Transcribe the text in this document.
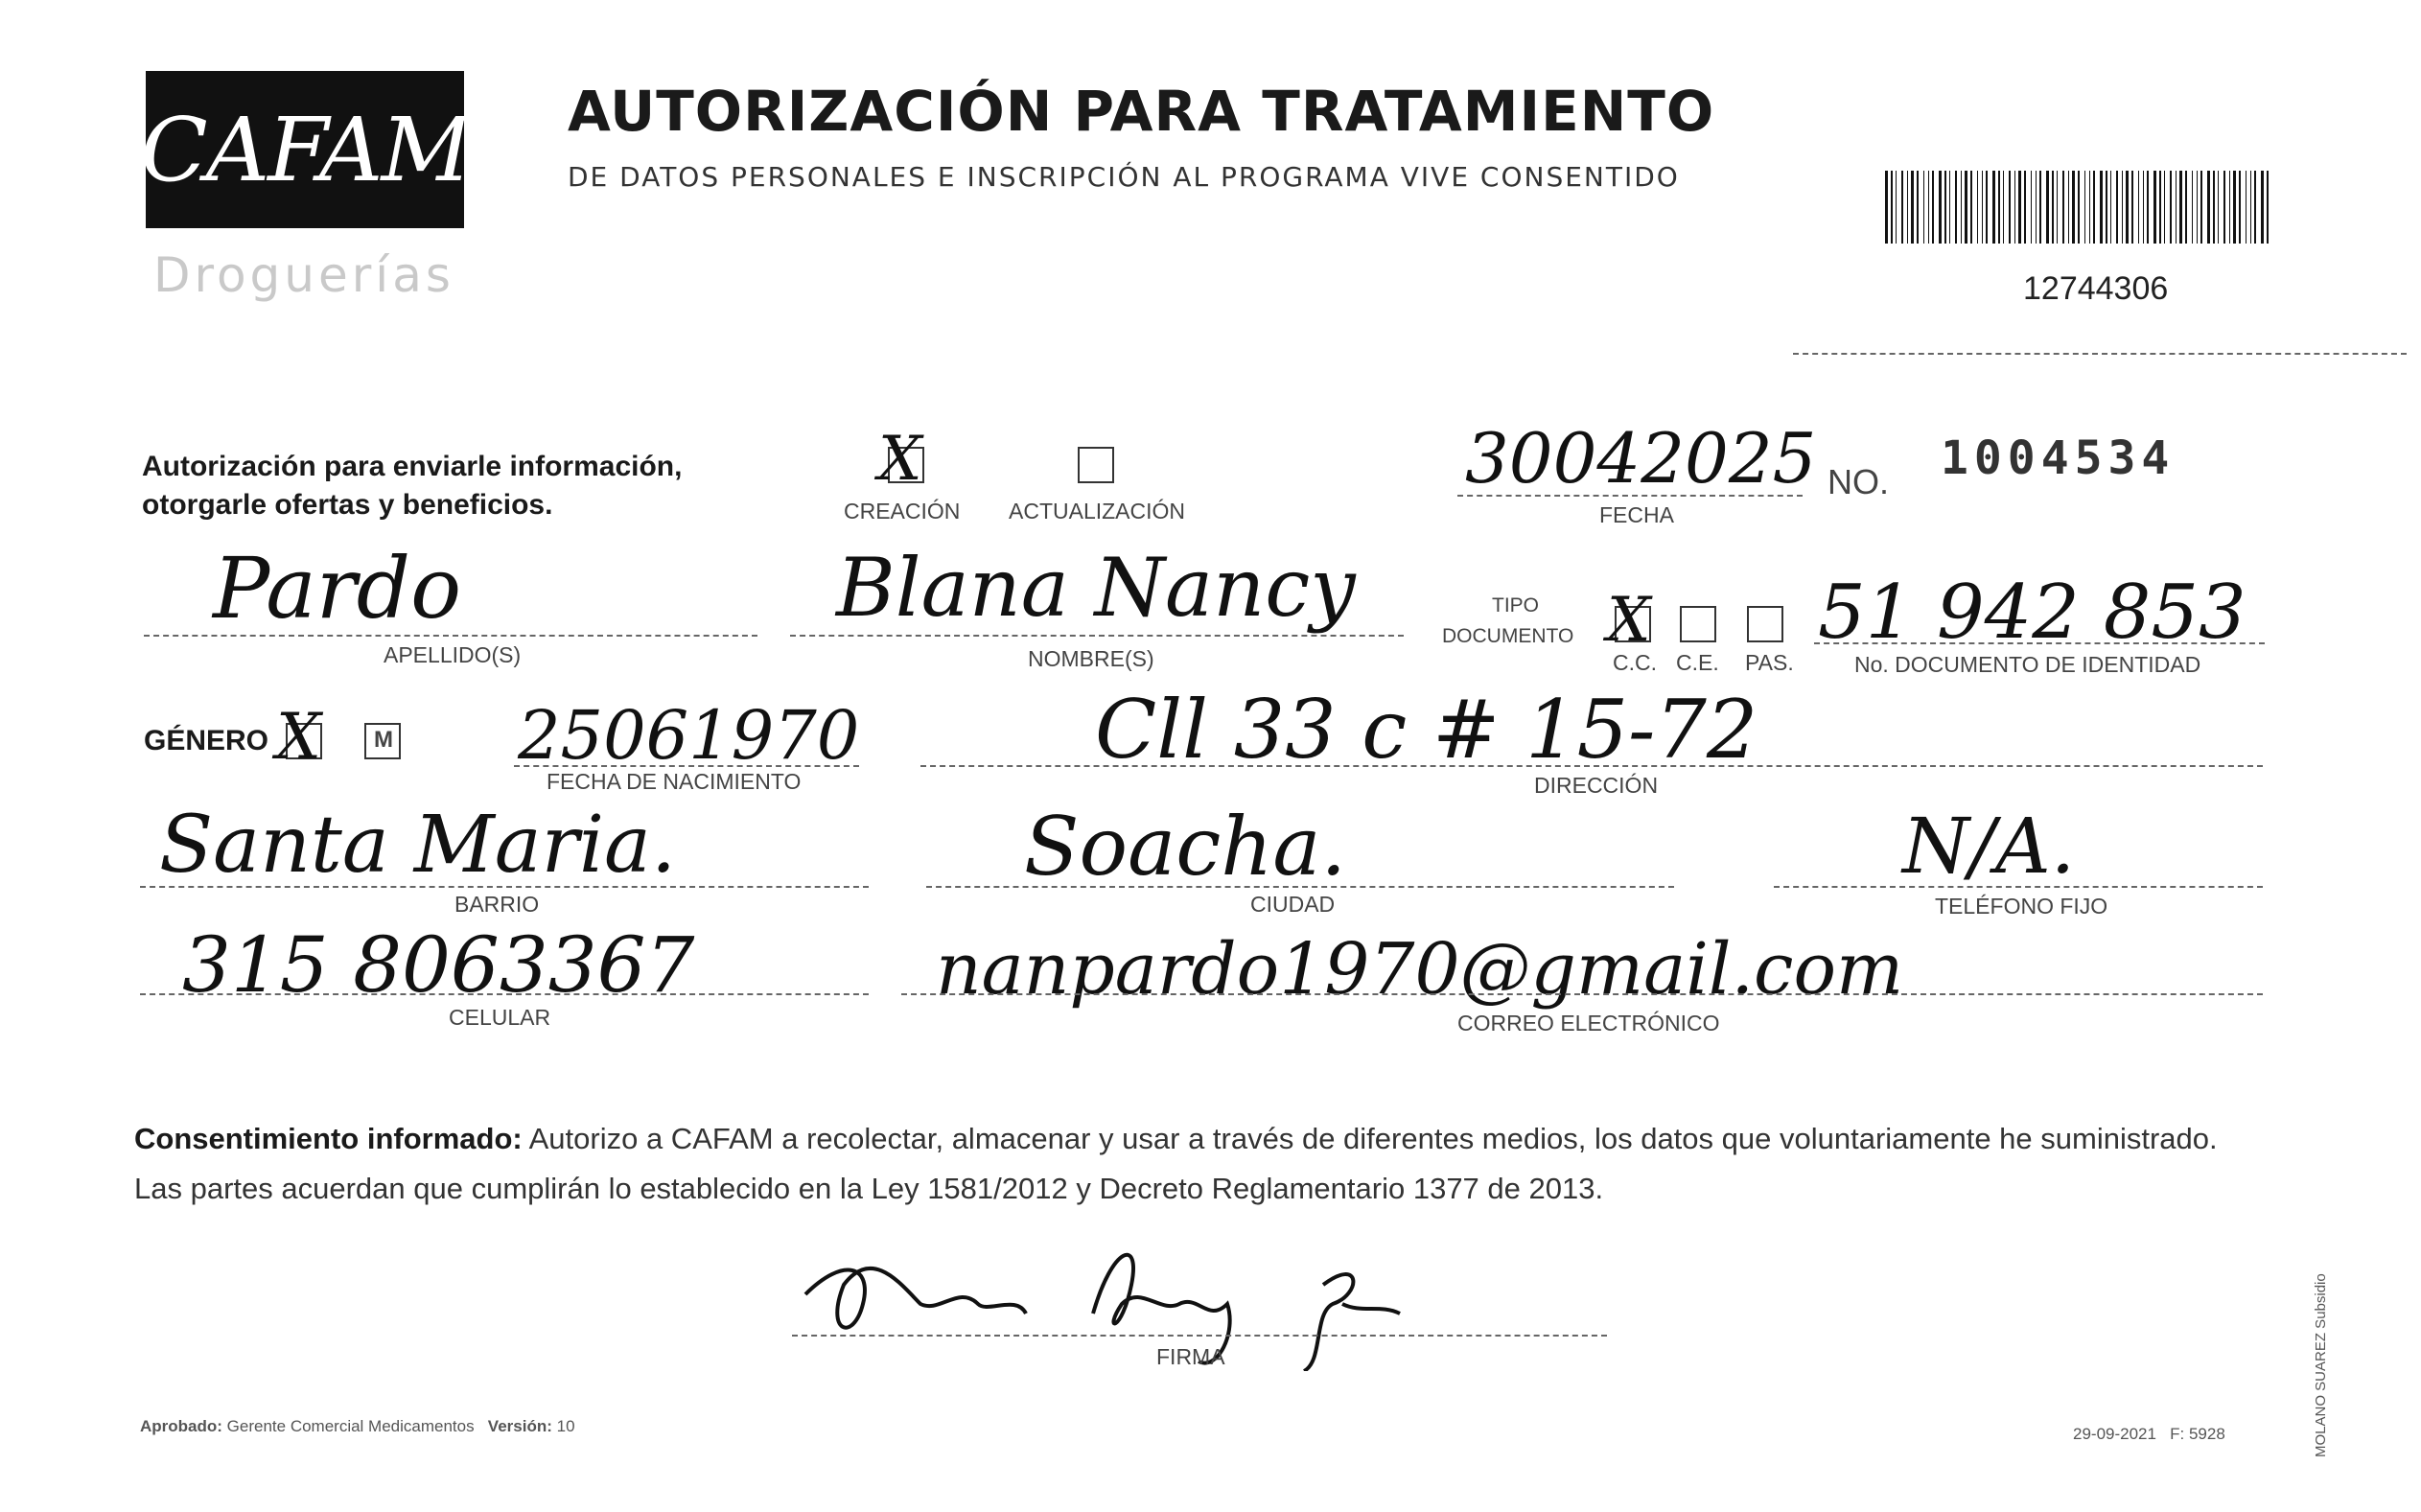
CAFAM
Droguerías
AUTORIZACIÓN PARA TRATAMIENTO
DE DATOS PERSONALES E INSCRIPCIÓN AL PROGRAMA VIVE CONSENTIDO
12744306
Autorización para enviarle información,
otorgarle ofertas y beneficios.
X
CREACIÓN ACTUALIZACIÓN
30042025
FECHA
NO. 1004534
Pardo
APELLIDO(S)
Blana Nancy
NOMBRE(S)
TIPO
DOCUMENTO X
C.C. C.E. PAS.
51 942 853
No. DOCUMENTO DE IDENTIDAD
GÉNERO X M 25061970
FECHA DE NACIMIENTO
Cll 33 c # 15-72
DIRECCIÓN
Santa Maria.
BARRIO
Soacha.
CIUDAD
N/A.
TELÉFONO FIJO
315 8063367
CELULAR
nanpardo1970@gmail.com
CORREO ELECTRÓNICO
Consentimiento informado: Autorizo a CAFAM a recolectar, almacenar y usar a través de diferentes medios, los datos que voluntariamente he suministrado. Las partes acuerdan que cumplirán lo establecido en la Ley 1581/2012 y Decreto Reglamentario 1377 de 2013.
FIRMA
Aprobado: Gerente Comercial Medicamentos Versión: 10	29-09-2021 F: 5928	MOLANO SUAREZ Subsidio
